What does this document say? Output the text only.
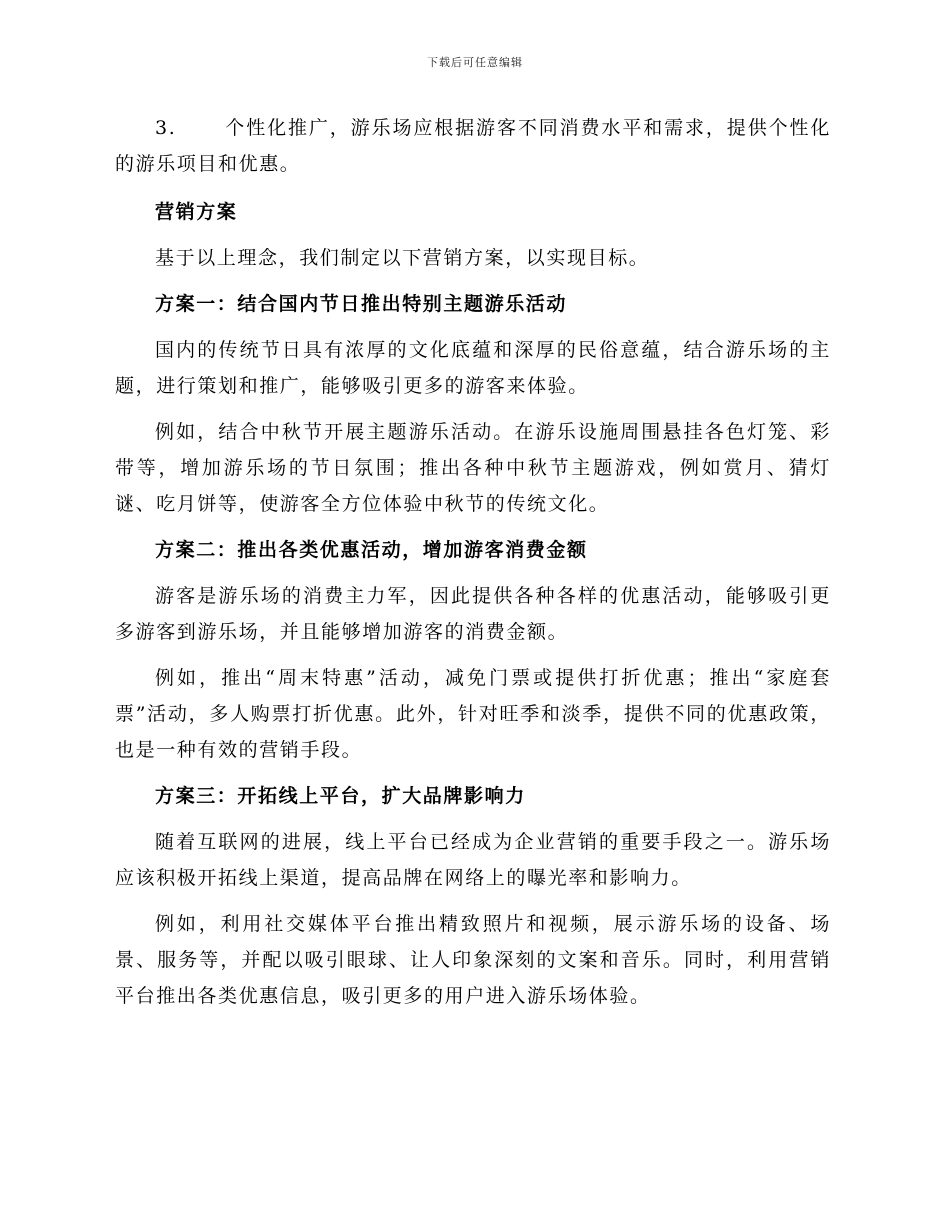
下载后可任意编辑

3.	个性化推广，游乐场应根据游客不同消费水平和需求，提供个性化的游乐项目和优惠。

营销方案

基于以上理念，我们制定以下营销方案，以实现目标。

方案一：结合国内节日推出特别主题游乐活动

国内的传统节日具有浓厚的文化底蕴和深厚的民俗意蕴，结合游乐场的主题，进行策划和推广，能够吸引更多的游客来体验。

例如，结合中秋节开展主题游乐活动。在游乐设施周围悬挂各色灯笼、彩带等，增加游乐场的节日氛围；推出各种中秋节主题游戏，例如赏月、猜灯谜、吃月饼等，使游客全方位体验中秋节的传统文化。

方案二：推出各类优惠活动，增加游客消费金额

游客是游乐场的消费主力军，因此提供各种各样的优惠活动，能够吸引更多游客到游乐场，并且能够增加游客的消费金额。

例如，推出“周末特惠”活动，减免门票或提供打折优惠；推出“家庭套票”活动，多人购票打折优惠。此外，针对旺季和淡季，提供不同的优惠政策，也是一种有效的营销手段。

方案三：开拓线上平台，扩大品牌影响力

随着互联网的进展，线上平台已经成为企业营销的重要手段之一。游乐场应该积极开拓线上渠道，提高品牌在网络上的曝光率和影响力。

例如，利用社交媒体平台推出精致照片和视频，展示游乐场的设备、场景、服务等，并配以吸引眼球、让人印象深刻的文案和音乐。同时，利用营销平台推出各类优惠信息，吸引更多的用户进入游乐场体验。
